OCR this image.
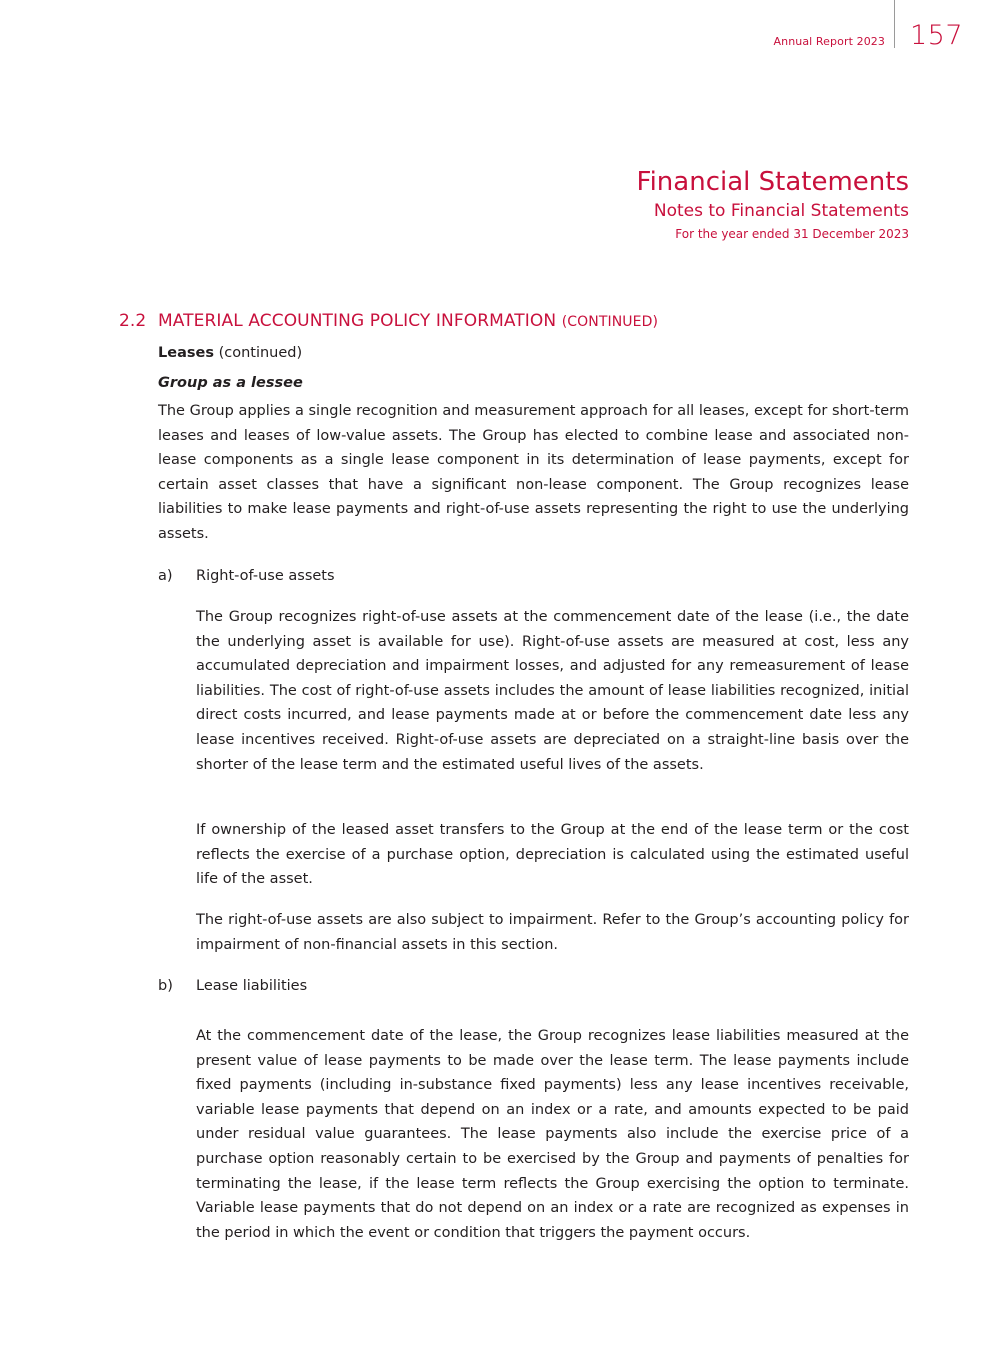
Annual Report 2023 157
Financial Statements
Notes to Financial Statements
For the year ended 31 December 2023
2.2 MATERIAL ACCOUNTING POLICY INFORMATION (CONTINUED)
Leases (continued)
Group as a lessee
The Group applies a single recognition and measurement approach for all leases, except for short-term leases and leases of low-value assets. The Group has elected to combine lease and associated non-lease components as a single lease component in its determination of lease payments, except for certain asset classes that have a significant non-lease component. The Group recognizes lease liabilities to make lease payments and right-of-use assets representing the right to use the underlying assets.
a) Right-of-use assets
The Group recognizes right-of-use assets at the commencement date of the lease (i.e., the date the underlying asset is available for use). Right-of-use assets are measured at cost, less any accumulated depreciation and impairment losses, and adjusted for any remeasurement of lease liabilities. The cost of right-of-use assets includes the amount of lease liabilities recognized, initial direct costs incurred, and lease payments made at or before the commencement date less any lease incentives received. Right-of-use assets are depreciated on a straight-line basis over the shorter of the lease term and the estimated useful lives of the assets.
If ownership of the leased asset transfers to the Group at the end of the lease term or the cost reflects the exercise of a purchase option, depreciation is calculated using the estimated useful life of the asset.
The right-of-use assets are also subject to impairment. Refer to the Group’s accounting policy for impairment of non-financial assets in this section.
b) Lease liabilities
At the commencement date of the lease, the Group recognizes lease liabilities measured at the present value of lease payments to be made over the lease term. The lease payments include fixed payments (including in-substance fixed payments) less any lease incentives receivable, variable lease payments that depend on an index or a rate, and amounts expected to be paid under residual value guarantees. The lease payments also include the exercise price of a purchase option reasonably certain to be exercised by the Group and payments of penalties for terminating the lease, if the lease term reflects the Group exercising the option to terminate. Variable lease payments that do not depend on an index or a rate are recognized as expenses in the period in which the event or condition that triggers the payment occurs.
